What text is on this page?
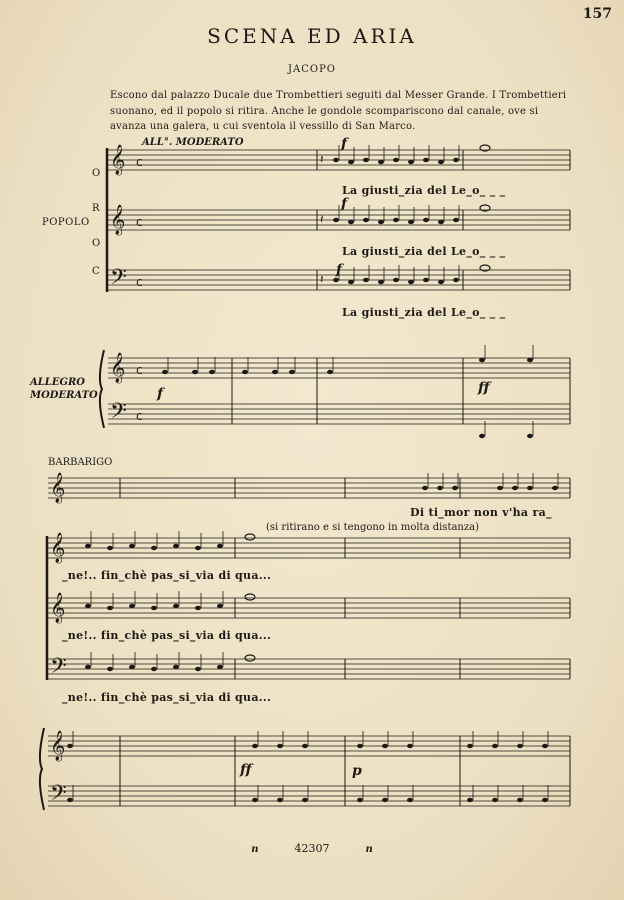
157
SCENA ED ARIA
JACOPO
Escono dal palazzo Ducale due Trombettieri seguiti dal Messer Grande. I Trombettieri suonano, ed il popolo si ritira. Anche le gondole scompariscono dal canale, ove si avanza una galera, u cui sventola il vessillo di San Marco.
𝄞 c	𝄽
𝄞 c	𝄽
𝄢 c	𝄽
𝄞
𝄢
c
c
𝄞
𝄞
𝄞
𝄢
𝄞
𝄢
ALL°. MODERATO
O
R
O
C
POPOLO
La giusti_zia del Le_o_ _ _
La giusti_zia del Le_o_ _ _
La giusti_zia del Le_o_ _ _
ALLEGRO
MODERATO
f
f
f
f	ff
BARBARIGO
Di ti_mor non v'ha ra_
(si ritirano e si tengono in molta distanza)
_ne!.. fin_chè pas_si_via di qua...
_ne!.. fin_chè pas_si_via di qua...
_ne!.. fin_chè pas_si_via di qua...
ff	p
n	42307	n
